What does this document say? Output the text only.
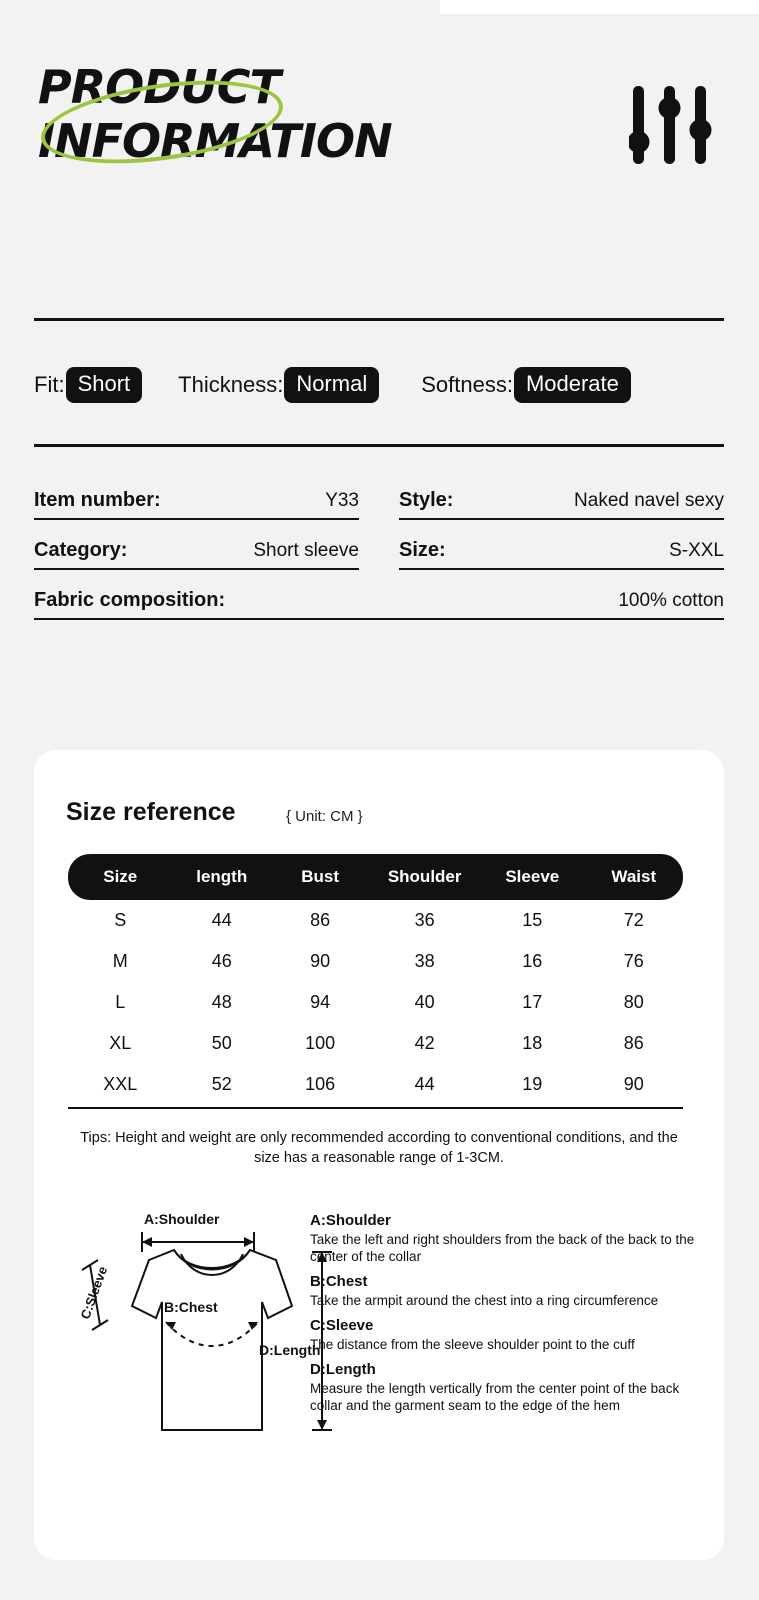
PRODUCT
INFORMATION
Fit: Short	Thickness: Normal	Softness: Moderate
Item number:	Y33 Style:	Naked navel sexy
Category:	Short sleeve Size:	S-XXL
Fabric composition:	100% cotton
Size reference	{ Unit: CM }
Size	length	Bust	Shoulder	Sleeve	Waist
S	44	86	36	15	72
M	46	90	38	16	76
L	48	94	40	17	80
XL	50	100	42	18	86
XXL	52	106	44	19	90
Tips: Height and weight are only recommended according to conventional conditions, and the size has a reasonable range of 1-3CM.
A:Shoulder
C:Sleeve	B:Chest
D:Length
A:Shoulder
Take the left and right shoulders from the back of the back to the center of the collar
B:Chest
Take the armpit around the chest into a ring circumference
C:Sleeve
The distance from the sleeve shoulder point to the cuff
D:Length
Measure the length vertically from the center point of the back collar and the garment seam to the edge of the hem
